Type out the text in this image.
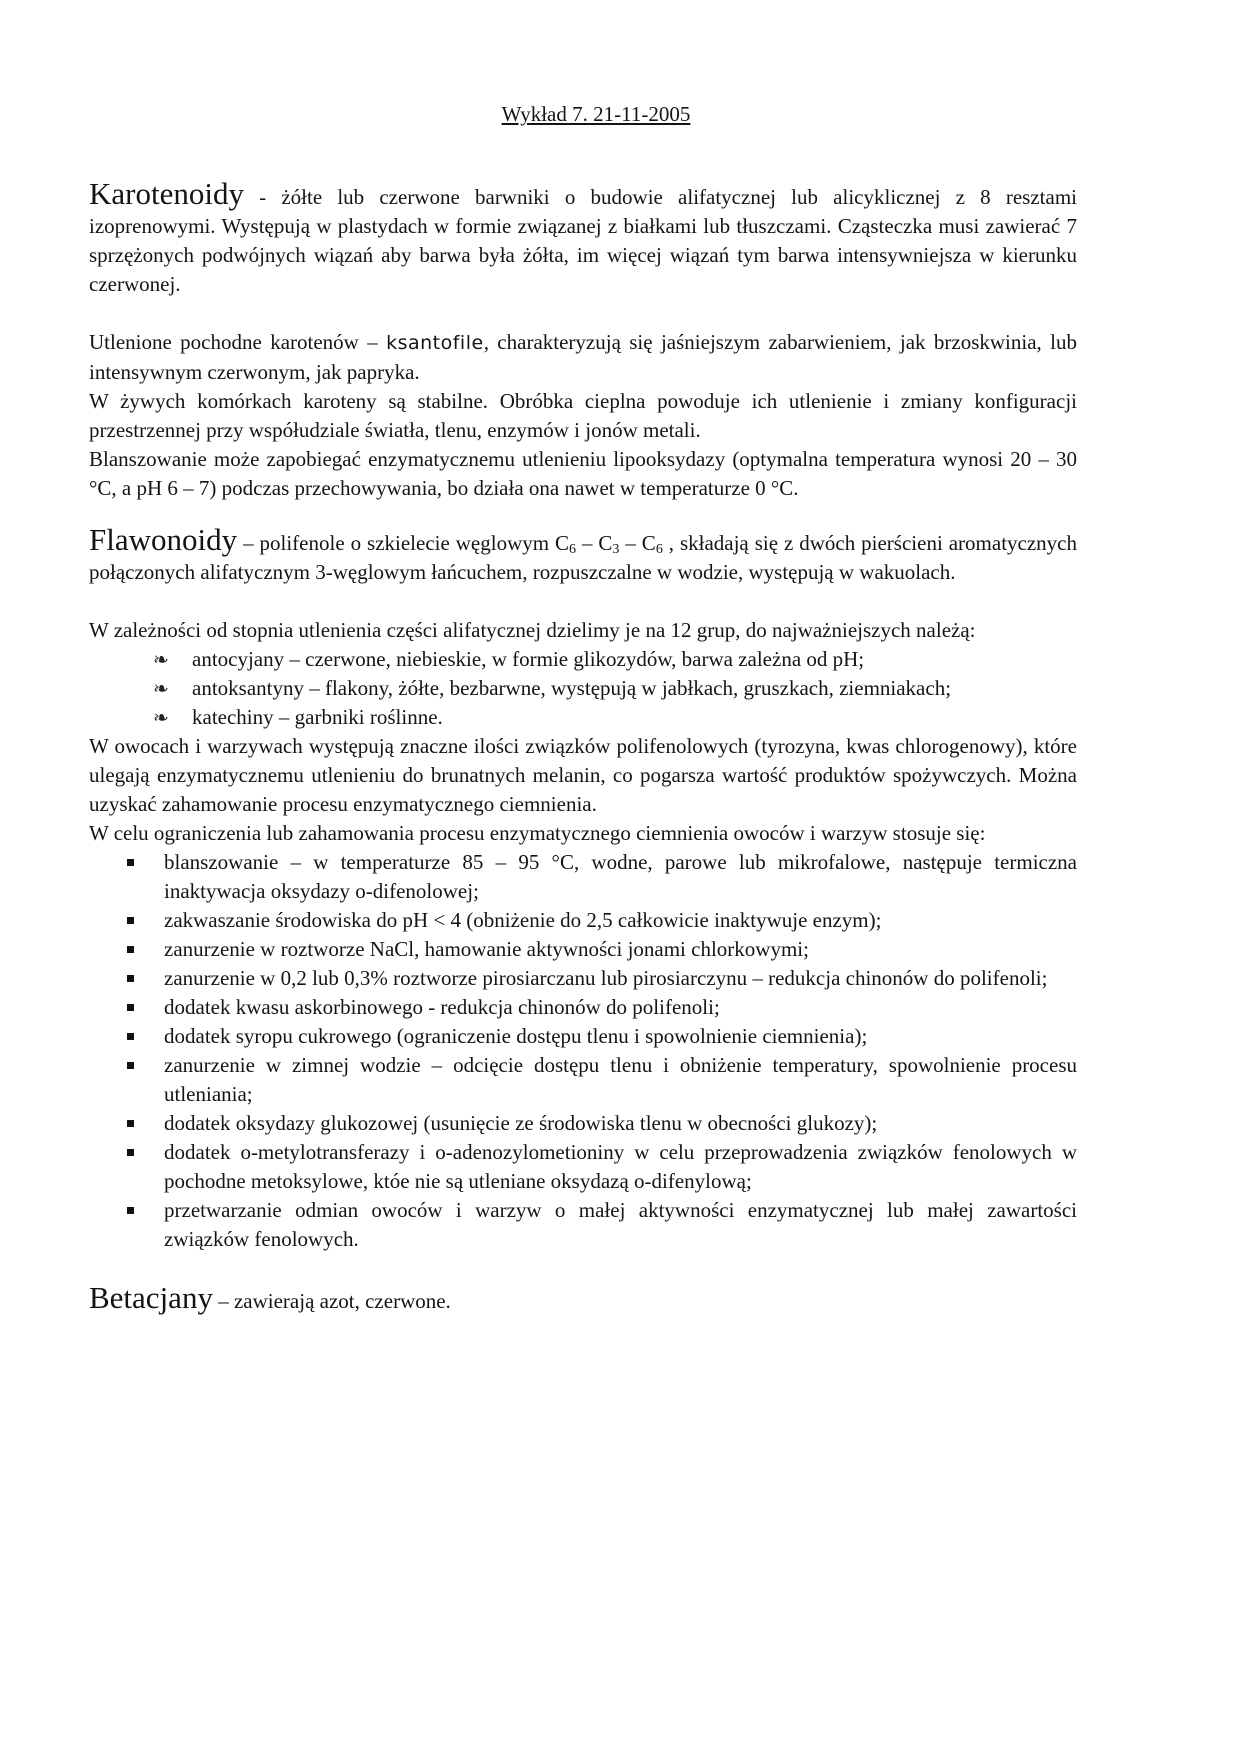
Wykład 7. 21-11-2005

Karotenoidy - żółte lub czerwone barwniki o budowie alifatycznej lub alicyklicznej z 8 resztami izoprenowymi. Występują w plastydach w formie związanej z białkami lub tłuszczami. Cząsteczka musi zawierać 7 sprzężonych podwójnych wiązań aby barwa była żółta, im więcej wiązań tym barwa intensywniejsza w kierunku czerwonej.

Utlenione pochodne karotenów – ksantofile, charakteryzują się jaśniejszym zabarwieniem, jak brzoskwinia, lub intensywnym czerwonym, jak papryka.

W żywych komórkach karoteny są stabilne. Obróbka cieplna powoduje ich utlenienie i zmiany konfiguracji przestrzennej przy współudziale światła, tlenu, enzymów i jonów metali.

Blanszowanie może zapobiegać enzymatycznemu utlenieniu lipooksydazy (optymalna temperatura wynosi 20 – 30 °C, a pH 6 – 7) podczas przechowywania, bo działa ona nawet w temperaturze 0 °C.

Flawonoidy – polifenole o szkielecie węglowym $C_6 - C_3 - C_6$ , składają się z dwóch pierścieni aromatycznych połączonych alifatycznym 3-węglowym łańcuchem, rozpuszczalne w wodzie, występują w wakuolach.

W zależności od stopnia utlenienia części alifatycznej dzielimy je na 12 grup, do najważniejszych należą:

❧ antocyjany – czerwone, niebieskie, w formie glikozydów, barwa zależna od pH;
❧ antoksantyny – flakony, żółte, bezbarwne, występują w jabłkach, gruszkach, ziemniakach;
❧ katechiny – garbniki roślinne.

W owocach i warzywach występują znaczne ilości związków polifenolowych (tyrozyna, kwas chlorogenowy), które ulegają enzymatycznemu utlenieniu do brunatnych melanin, co pogarsza wartość produktów spożywczych. Można uzyskać zahamowanie procesu enzymatycznego ciemnienia.

W celu ograniczenia lub zahamowania procesu enzymatycznego ciemnienia owoców i warzyw stosuje się:

blanszowanie – w temperaturze 85 – 95 °C, wodne, parowe lub mikrofalowe, następuje termiczna inaktywacja oksydazy o-difenolowej;
zakwaszanie środowiska do pH < 4 (obniżenie do 2,5 całkowicie inaktywuje enzym);
zanurzenie w roztworze NaCl, hamowanie aktywności jonami chlorkowymi;
zanurzenie w 0,2 lub 0,3% roztworze pirosiarczanu lub pirosiarczynu – redukcja chinonów do polifenoli;
dodatek kwasu askorbinowego - redukcja chinonów do polifenoli;
dodatek syropu cukrowego (ograniczenie dostępu tlenu i spowolnienie ciemnienia);
zanurzenie w zimnej wodzie – odcięcie dostępu tlenu i obniżenie temperatury, spowolnienie procesu utleniania;
dodatek oksydazy glukozowej (usunięcie ze środowiska tlenu w obecności glukozy);
dodatek o-metylotransferazy i o-adenozylometioniny w celu przeprowadzenia związków fenolowych w pochodne metoksylowe, któe nie są utleniane oksydazą o-difenylową;
przetwarzanie odmian owoców i warzyw o małej aktywności enzymatycznej lub małej zawartości związków fenolowych.

Betacjany – zawierają azot, czerwone.
